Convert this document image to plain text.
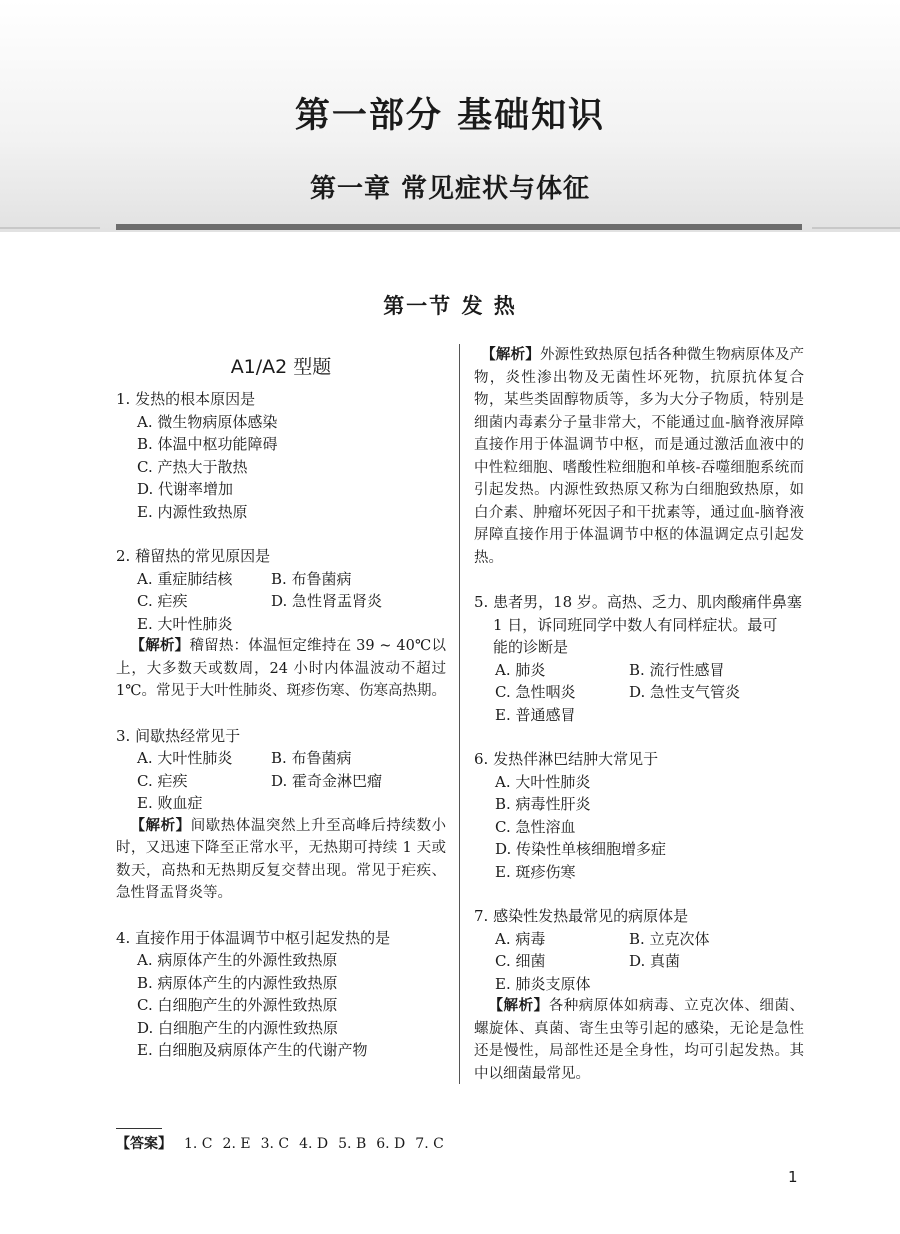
第一部分 基础知识
第一章 常见症状与体征
第一节 发 热
A1/A2 型题
1. 发热的根本原因是
A. 微生物病原体感染
B. 体温中枢功能障碍
C. 产热大于散热
D. 代谢率增加
E. 内源性致热原
2. 稽留热的常见原因是
A. 重症肺结核	B. 布鲁菌病
C. 疟疾	D. 急性肾盂肾炎
E. 大叶性肺炎
【解析】稽留热：体温恒定维持在 39 ~ 40℃以上，大多数天或数周，24 小时内体温波动不超过 1℃。常见于大叶性肺炎、斑疹伤寒、伤寒高热期。
3. 间歇热经常见于
A. 大叶性肺炎	B. 布鲁菌病
C. 疟疾	D. 霍奇金淋巴瘤
E. 败血症
【解析】间歇热体温突然上升至高峰后持续数小时，又迅速下降至正常水平，无热期可持续 1 天或数天，高热和无热期反复交替出现。常见于疟疾、急性肾盂肾炎等。
4. 直接作用于体温调节中枢引起发热的是
A. 病原体产生的外源性致热原
B. 病原体产生的内源性致热原
C. 白细胞产生的外源性致热原
D. 白细胞产生的内源性致热原
E. 白细胞及病原体产生的代谢产物
【解析】外源性致热原包括各种微生物病原体及产物，炎性渗出物及无菌性坏死物，抗原抗体复合物，某些类固醇物质等，多为大分子物质，特别是细菌内毒素分子量非常大，不能通过血-脑脊液屏障直接作用于体温调节中枢，而是通过激活血液中的中性粒细胞、嗜酸性粒细胞和单核-吞噬细胞系统而引起发热。内源性致热原又称为白细胞致热原，如白介素、肿瘤坏死因子和干扰素等，通过血-脑脊液屏障直接作用于体温调节中枢的体温调定点引起发热。
5. 患者男，18 岁。高热、乏力、肌肉酸痛伴鼻塞
1 日，诉同班同学中数人有同样症状。最可
能的诊断是
A. 肺炎	B. 流行性感冒
C. 急性咽炎	D. 急性支气管炎
E. 普通感冒
6. 发热伴淋巴结肿大常见于
A. 大叶性肺炎
B. 病毒性肝炎
C. 急性溶血
D. 传染性单核细胞增多症
E. 斑疹伤寒
7. 感染性发热最常见的病原体是
A. 病毒	B. 立克次体
C. 细菌	D. 真菌
E. 肺炎支原体
【解析】各种病原体如病毒、立克次体、细菌、螺旋体、真菌、寄生虫等引起的感染，无论是急性还是慢性，局部性还是全身性，均可引起发热。其中以细菌最常见。
【答案】 1. C 2. E 3. C 4. D 5. B 6. D 7. C
1
